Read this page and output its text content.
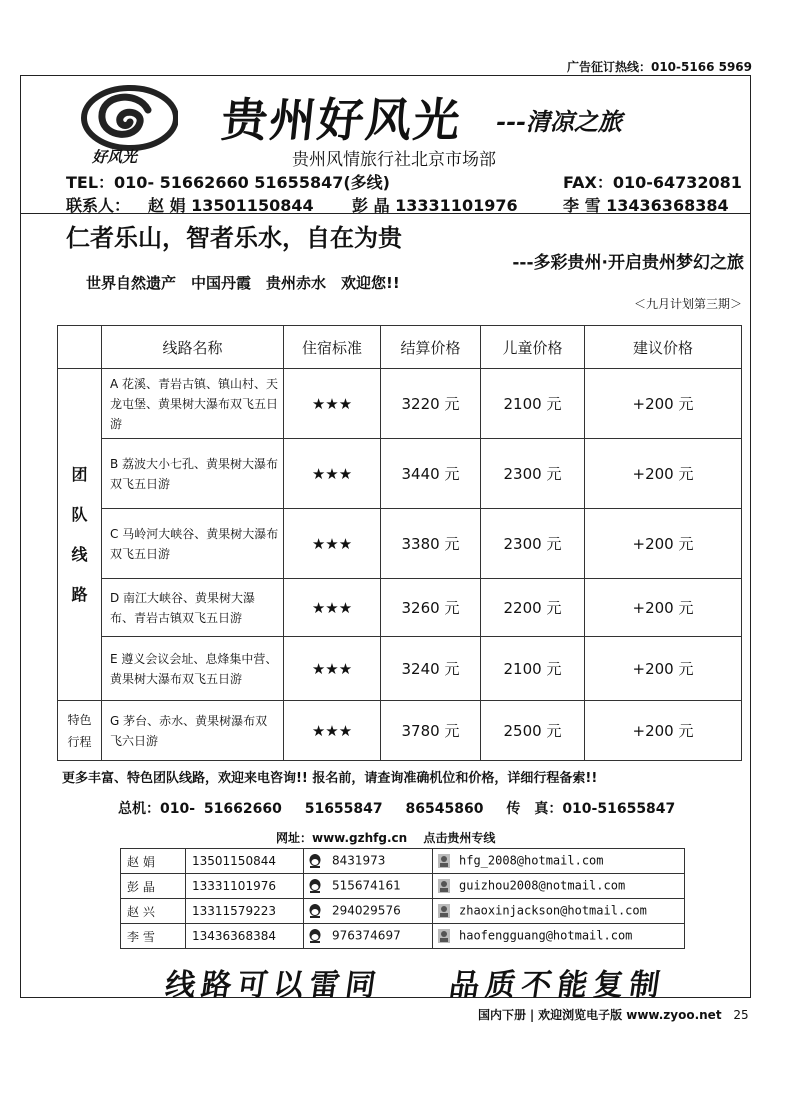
广告征订热线：010-5166 5969
好风光
贵州好风光 ---清凉之旅
贵州风情旅行社北京市场部
TEL：010- 51662660 51655847(多线)	FAX：010-64732081
联系人： 赵 娟 13501150844 彭 晶 13331101976	李 雪 13436368384
仁者乐山，智者乐水，自在为贵
---多彩贵州·开启贵州梦幻之旅
世界自然遗产　中国丹霞　贵州赤水　欢迎您!!
＜九月计划第三期＞
	线路名称	住宿标准	结算价格	儿童价格	建议价格
团
队
线
路	A 花溪、青岩古镇、镇山村、天龙屯堡、黄果树大瀑布双飞五日游	★★★	3220 元	2100 元	+200 元
	B 荔波大小七孔、黄果树大瀑布双飞五日游	★★★	3440 元	2300 元	+200 元
	C 马岭河大峡谷、黄果树大瀑布双飞五日游	★★★	3380 元	2300 元	+200 元
	D 南江大峡谷、黄果树大瀑布、青岩古镇双飞五日游	★★★	3260 元	2200 元	+200 元
	E 遵义会议会址、息烽集中营、黄果树大瀑布双飞五日游	★★★	3240 元	2100 元	+200 元
特色
行程	G 茅台、赤水、黄果树瀑布双飞六日游	★★★	3780 元	2500 元	+200 元
更多丰富、特色团队线路，欢迎来电咨询!! 报名前，请查询准确机位和价格，详细行程备索!!
总机：010- 51662660　 51655847　 86545860　 传　真：010-51655847
网址：www.gzhfg.cn　 点击贵州专线
赵 娟	13501150844	8431973	hfg_2008@hotmail.com
彭 晶	13331101976	515674161	guizhou2008@notmail.com
赵 兴	13311579223	294029576	zhaoxinjackson@hotmail.com
李 雪	13436368384	976374697	haofengguang@hotmail.com
线路可以雷同 品质不能复制
国内下册 | 欢迎浏览电子版 www.zyoo.net 25
